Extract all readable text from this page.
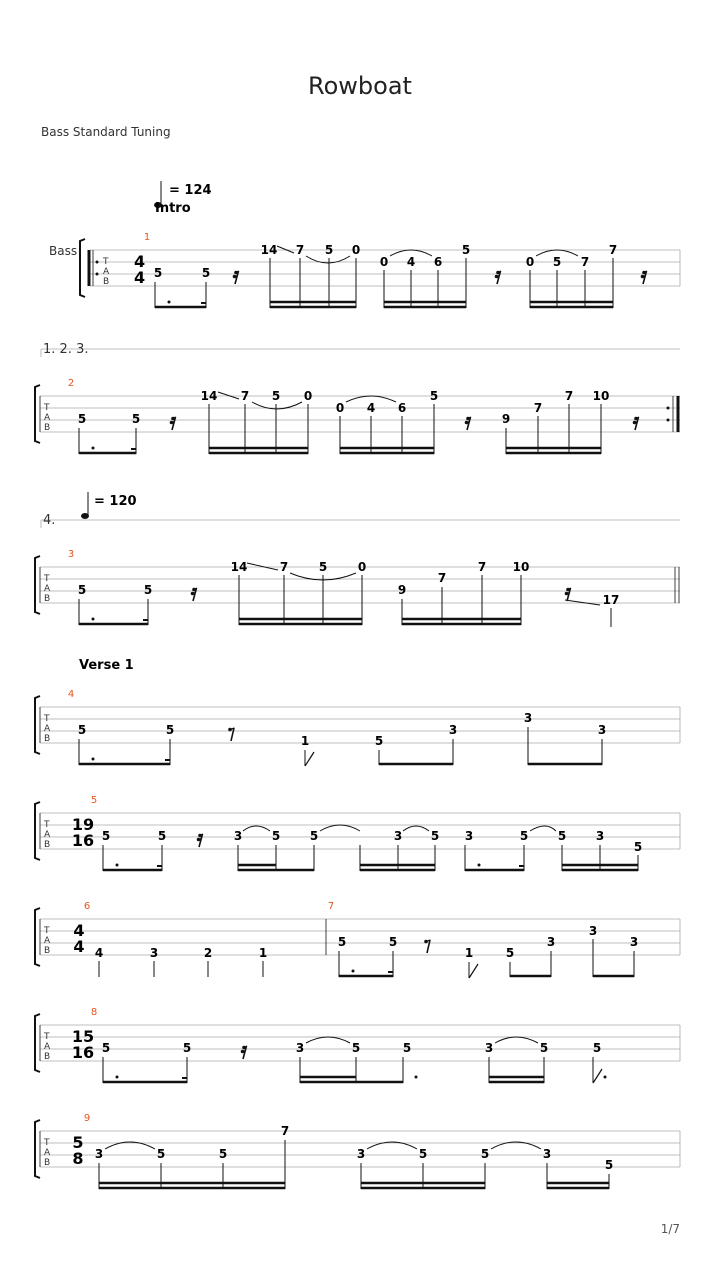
Rowboat
Bass Standard Tuning
= 124
Intro
Bass
T
A
B
4
4
1
5	5
14 7 5 0
0 4 6
5
0 5 7
7
1. 2. 3.
T
A
B
2
5	5
14 7 5 0
0 4 6
5
9
7
7 10
= 120
4.
T
A
B
3
5	5
14	7	5	0
9
7
7 10
17
Verse 1
T
A
B
4
5	5
1	5
3
3
3
T
A
B
19
16
5
5	5	3 5 5	3 5 3	5 5 3
5
T
A
B
4
4
6	7
4	3	2	1
5	5
1	5
3
3
3
T
A
B
15
16
8
5	5	3	5	5	3	5	5
T
A
B
5
8
9
3	5	5
7
3	5	5	3
5
1/7
